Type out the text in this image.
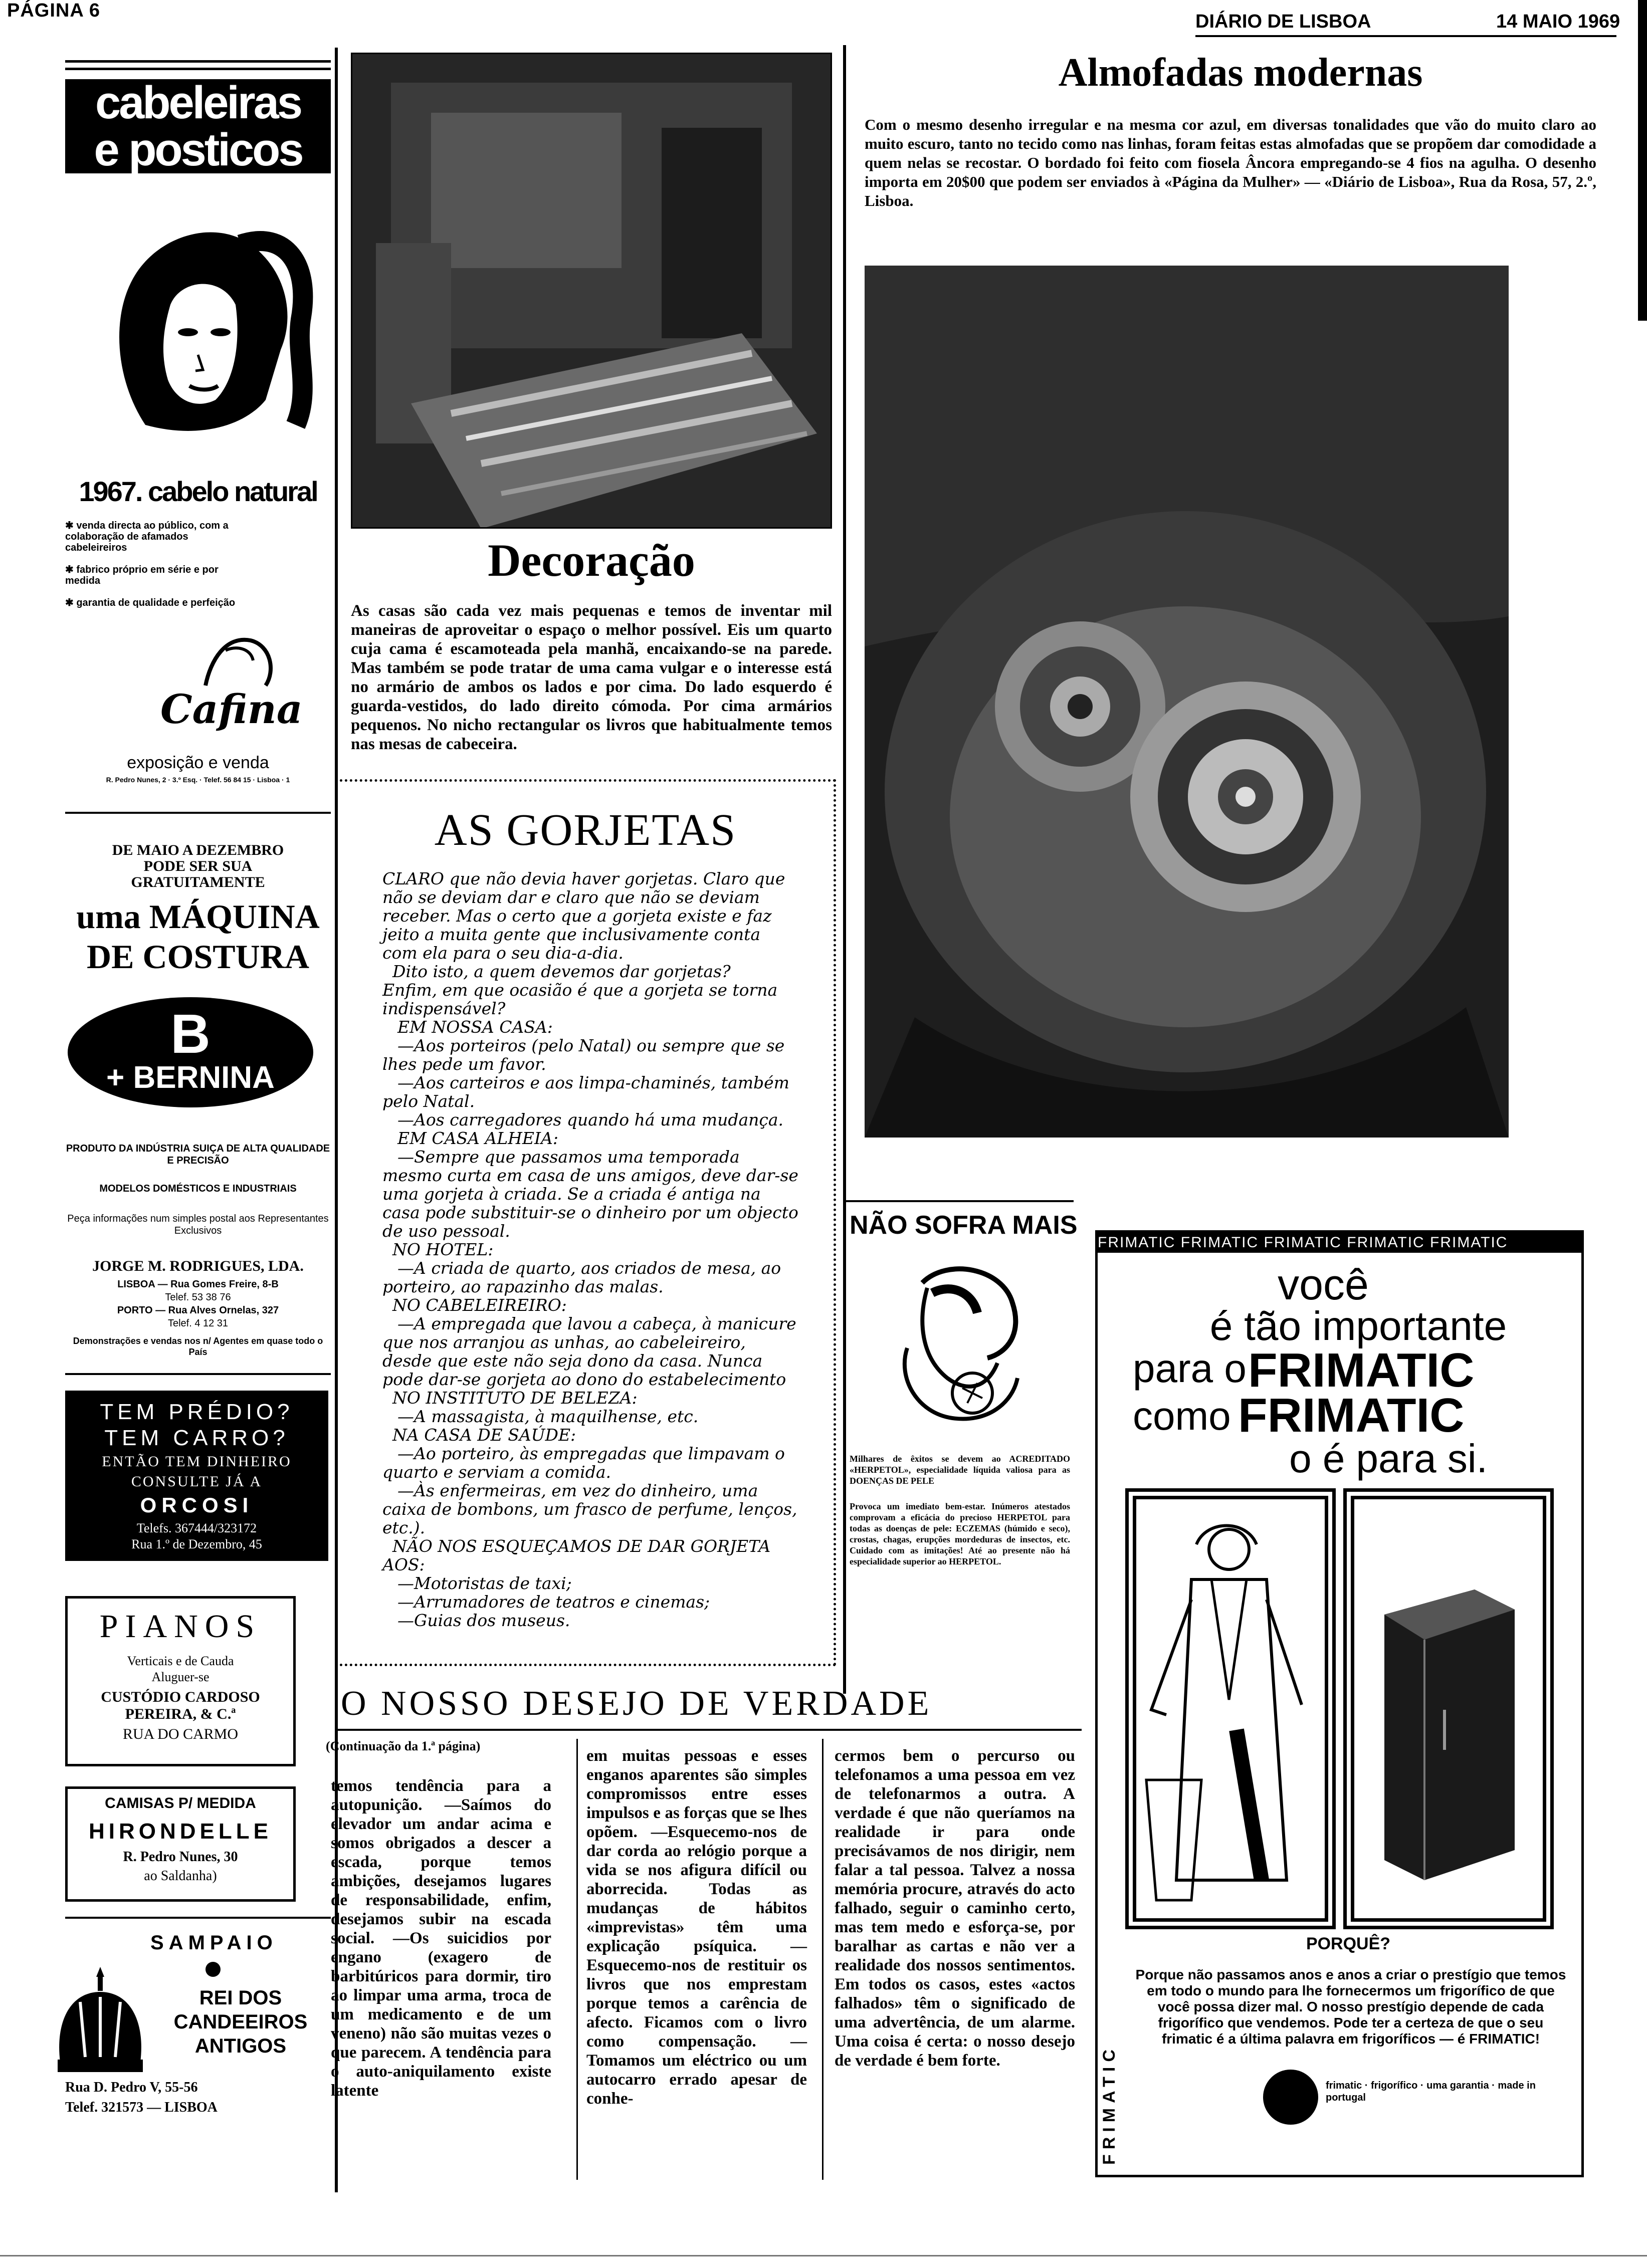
PÁGINA 6
DIÁRIO DE LISBOA	14 MAIO 1969
cabeleiras
e posticos
1967. cabelo natural

✱ venda directa ao público, com a colaboração de afamados cabeleireiros

✱ fabrico próprio em série e por medida

✱ garantia de qualidade e perfeição

Cafina
exposição e venda
R. Pedro Nunes, 2 · 3.º Esq. · Telef. 56 84 15 · Lisboa · 1
DE MAIO A DEZEMBRO
PODE SER SUA
GRATUITAMENTE
uma MÁQUINA
DE COSTURA
B
+ BERNINA
PRODUTO DA INDÚSTRIA SUIÇA DE ALTA QUALIDADE E PRECISÃO
MODELOS DOMÉSTICOS E INDUSTRIAIS
Peça informações num simples postal aos Representantes Exclusivos
JORGE M. RODRIGUES, LDA.
LISBOA — Rua Gomes Freire, 8-B
Telef. 53 38 76
PORTO — Rua Alves Ornelas, 327
Telef. 4 12 31
Demonstrações e vendas nos n/ Agentes em quase todo o País
TEM PRÉDIO?
TEM CARRO?
ENTÃO TEM DINHEIRO
CONSULTE JÁ A
ORCOSI
Telefs. 367444/323172
Rua 1.º de Dezembro, 45
PIANOS
Verticais e de Cauda
Aluguer-se
CUSTÓDIO CARDOSO
PEREIRA, & C.ª
RUA DO CARMO
CAMISAS P/ MEDIDA
HIRONDELLE
R. Pedro Nunes, 30
ao Saldanha)
SAMPAIO
REI DOS
CANDEEIROS
ANTIGOS
Rua D. Pedro V, 55-56
Telef. 321573 — LISBOA
Decoração

As casas são cada vez mais pequenas e temos de inventar mil maneiras de aproveitar o espaço o melhor possível. Eis um quarto cuja cama é escamoteada pela manhã, encaixando-se na parede. Mas também se pode tratar de uma cama vulgar e o interesse está no armário de ambos os lados e por cima. Do lado esquerdo é guarda-vestidos, do lado direito cómoda. Por cima armários pequenos. No nicho rectangular os livros que habitualmente temos nas mesas de cabeceira.

AS GORJETAS

CLARO que não devia haver gorjetas. Claro que não se deviam dar e claro que não se deviam receber. Mas o certo que a gorjeta existe e faz jeito a muita gente que inclusivamente conta com ela para o seu dia-a-dia.

Dito isto, a quem devemos dar gorjetas?

Enfim, em que ocasião é que a gorjeta se torna indispensável?

EM NOSSA CASA:

—Aos porteiros (pelo Natal) ou sempre que se lhes pede um favor.

—Aos carteiros e aos limpa-chaminés, também pelo Natal.

—Aos carregadores quando há uma mudança.

EM CASA ALHEIA:

—Sempre que passamos uma temporada mesmo curta em casa de uns amigos, deve dar-se uma gorjeta à criada. Se a criada é antiga na casa pode substituir-se o dinheiro por um objecto de uso pessoal.

NO HOTEL:

—A criada de quarto, aos criados de mesa, ao porteiro, ao rapazinho das malas.

NO CABELEIREIRO:

—A empregada que lavou a cabeça, à manicure que nos arranjou as unhas, ao cabeleireiro, desde que este não seja dono da casa. Nunca pode dar-se gorjeta ao dono do estabelecimento

NO INSTITUTO DE BELEZA:

—A massagista, à maquilhense, etc.

NA CASA DE SAÚDE:

—Ao porteiro, às empregadas que limpavam o quarto e serviam a comida.

—Às enfermeiras, em vez do dinheiro, uma caixa de bombons, um frasco de perfume, lenços, etc.).

NÃO NOS ESQUEÇAMOS DE DAR GORJETA AOS:

—Motoristas de taxi;

—Arrumadores de teatros e cinemas;

—Guias dos museus.

Almofadas modernas

Com o mesmo desenho irregular e na mesma cor azul, em diversas tonalidades que vão do muito claro ao muito escuro, tanto no tecido como nas linhas, foram feitas estas almofadas que se propõem dar comodidade a quem nelas se recostar. O bordado foi feito com fiosela Âncora empregando-se 4 fios na agulha. O desenho importa em 20$00 que podem ser enviados à «Página da Mulher» — «Diário de Lisboa», Rua da Rosa, 57, 2.º, Lisboa.

NÃO SOFRA MAIS

Milhares de êxitos se devem ao ACREDITADO «HERPETOL», especialidade líquida valiosa para as DOENÇAS DE PELE

Provoca um imediato bem-estar. Inúmeros atestados comprovam a eficácia do precioso HERPETOL para todas as doenças de pele: ECZEMAS (húmido e seco), crostas, chagas, erupções mordeduras de insectos, etc. Cuidado com as imitações! Até ao presente não há especialidade superior ao HERPETOL.

FRIMATIC FRIMATIC FRIMATIC FRIMATIC FRIMATIC
FRIMATIC
você
é tão importante
para o FRIMATIC
como FRIMATIC
o é para si.
PORQUÊ?

Porque não passamos anos e anos a criar o prestígio que temos em todo o mundo para lhe fornecermos um frigorífico de que você possa dizer mal. O nosso prestígio depende de cada frigorífico que vendemos. Pode ter a certeza de que o seu frimatic é a última palavra em frigoríficos — é FRIMATIC!

frimatic · frigorífico · uma garantia · made in portugal
O NOSSO DESEJO DE VERDADE
(Continuação da 1.ª página)

temos tendência para a autopunição. —Saímos do elevador um andar acima e somos obrigados a descer a escada, porque temos ambições, desejamos lugares de responsabilidade, enfim, desejamos subir na escada social. —Os suicidios por engano (exagero de barbitúricos para dormir, tiro ao limpar uma arma, troca de um medicamento e de um veneno) não são muitas vezes o que parecem. A tendência para o auto-aniquilamento existe latente

em muitas pessoas e esses enganos aparentes são simples compromissos entre esses impulsos e as forças que se lhes opõem. —Esquecemo-nos de dar corda ao relógio porque a vida se nos afigura difícil ou aborrecida. Todas as mudanças de hábitos «imprevistas» têm uma explicação psíquica. —Esquecemo-nos de restituir os livros que nos emprestam porque temos a carência de afecto. Ficamos com o livro como compensação. —Tomamos um eléctrico ou um autocarro errado apesar de conhe-

cermos bem o percurso ou telefonamos a uma pessoa em vez de telefonarmos a outra. A verdade é que não queríamos na realidade ir para onde precisávamos de nos dirigir, nem falar a tal pessoa. Talvez a nossa memória procure, através do acto falhado, seguir o caminho certo, mas tem medo e esforça-se, por baralhar as cartas e não ver a realidade dos nossos sentimentos. Em todos os casos, estes «actos falhados» têm o significado de uma advertência, de um alarme. Uma coisa é certa: o nosso desejo de verdade é bem forte.
